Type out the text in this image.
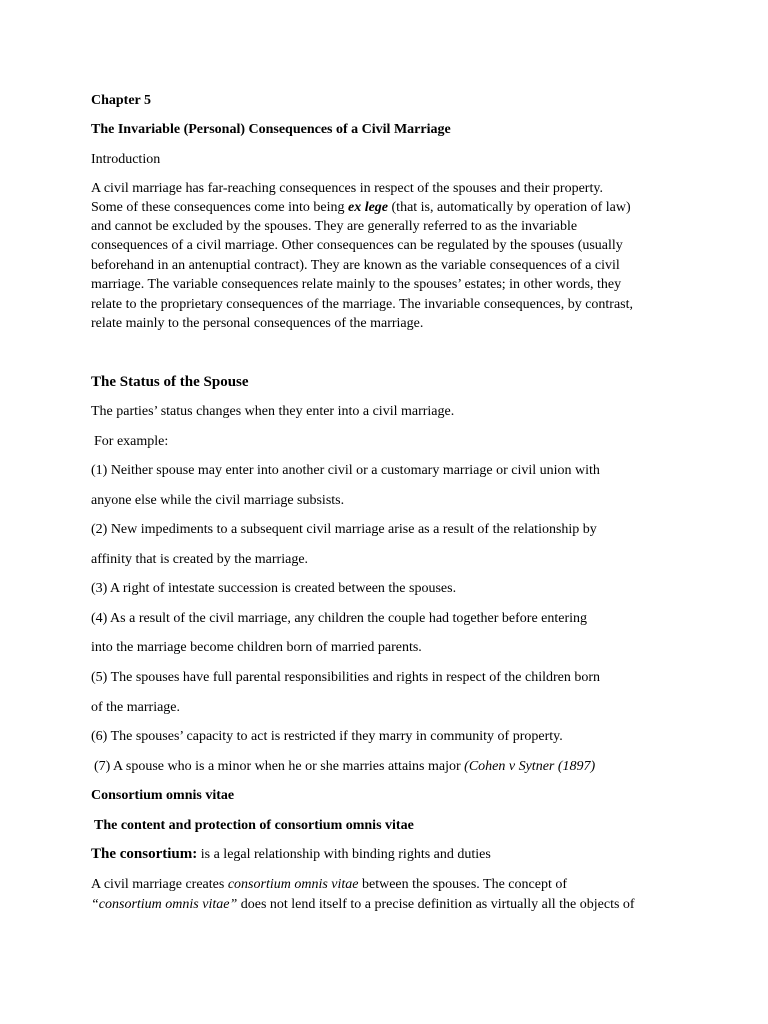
Chapter 5
The Invariable (Personal) Consequences of a Civil Marriage
Introduction
A civil marriage has far-reaching consequences in respect of the spouses and their property.
Some of these consequences come into being ex lege (that is, automatically by operation of law)
and cannot be excluded by the spouses. They are generally referred to as the invariable
consequences of a civil marriage. Other consequences can be regulated by the spouses (usually
beforehand in an antenuptial contract). They are known as the variable consequences of a civil
marriage. The variable consequences relate mainly to the spouses’ estates; in other words, they
relate to the proprietary consequences of the marriage. The invariable consequences, by contrast,
relate mainly to the personal consequences of the marriage.
The Status of the Spouse
The parties’ status changes when they enter into a civil marriage.
For example:
(1) Neither spouse may enter into another civil or a customary marriage or civil union with
anyone else while the civil marriage subsists.
(2) New impediments to a subsequent civil marriage arise as a result of the relationship by
affinity that is created by the marriage.
(3) A right of intestate succession is created between the spouses.
(4) As a result of the civil marriage, any children the couple had together before entering
into the marriage become children born of married parents.
(5) The spouses have full parental responsibilities and rights in respect of the children born
of the marriage.
(6) The spouses’ capacity to act is restricted if they marry in community of property.
(7) A spouse who is a minor when he or she marries attains major (Cohen v Sytner (1897)
Consortium omnis vitae
The content and protection of consortium omnis vitae
The consortium: is a legal relationship with binding rights and duties
A civil marriage creates consortium omnis vitae between the spouses. The concept of
“consortium omnis vitae” does not lend itself to a precise definition as virtually all the objects of
